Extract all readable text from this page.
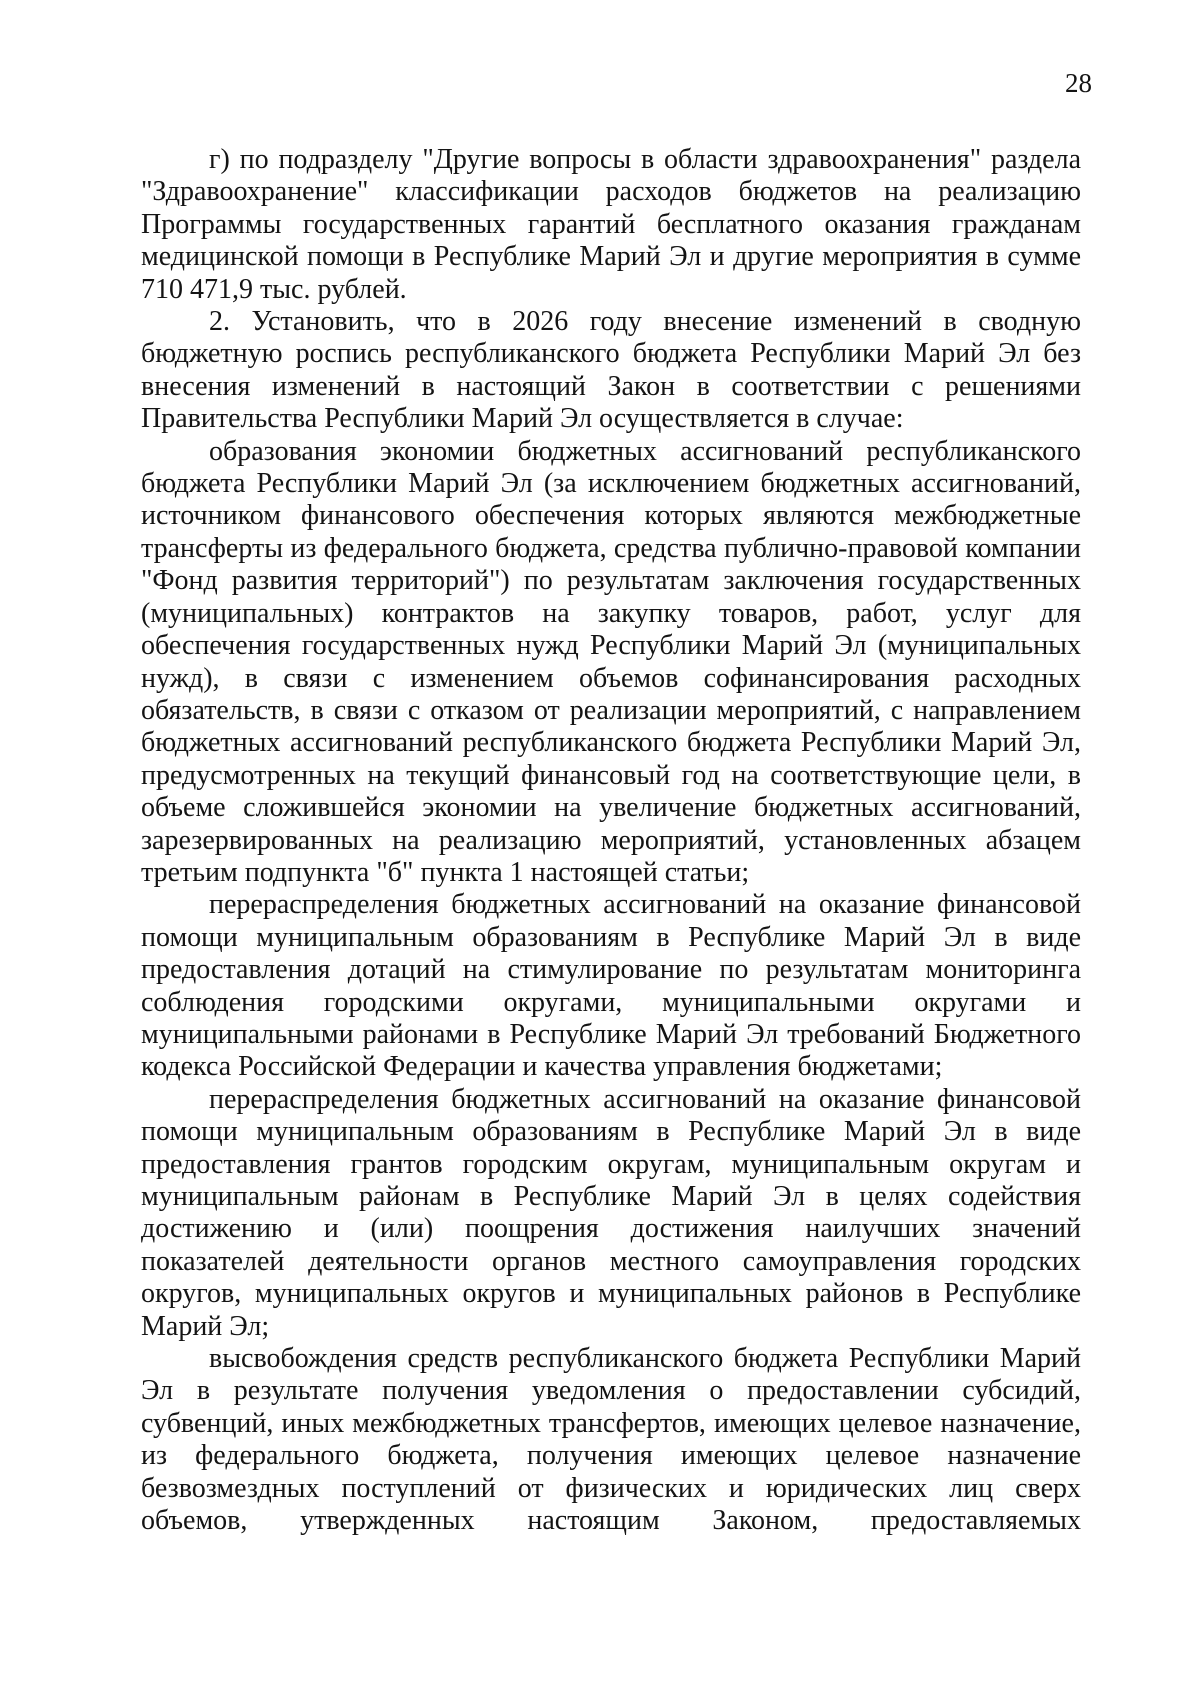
28

г) по подразделу "Другие вопросы в области здравоохранения" раздела "Здравоохранение" классификации расходов бюджетов на реализацию Программы государственных гарантий бесплатного оказания гражданам медицинской помощи в Республике Марий Эл и другие мероприятия в сумме 710 471,9 тыс. рублей.

2. Установить, что в 2026 году внесение изменений в сводную бюджетную роспись республиканского бюджета Республики Марий Эл без внесения изменений в настоящий Закон в соответствии с решениями Правительства Республики Марий Эл осуществляется в случае:

образования экономии бюджетных ассигнований республиканского бюджета Республики Марий Эл (за исключением бюджетных ассигнований, источником финансового обеспечения которых являются межбюджетные трансферты из федерального бюджета, средства публично-правовой компании "Фонд развития территорий") по результатам заключения государственных (муниципальных) контрактов на закупку товаров, работ, услуг для обеспечения государственных нужд Республики Марий Эл (муниципальных нужд), в связи с изменением объемов софинансирования расходных обязательств, в связи с отказом от реализации мероприятий, с направлением бюджетных ассигнований республиканского бюджета Республики Марий Эл, предусмотренных на текущий финансовый год на соответствующие цели, в объеме сложившейся экономии на увеличение бюджетных ассигнований, зарезервированных на реализацию мероприятий, установленных абзацем третьим подпункта "б" пункта 1 настоящей статьи;

перераспределения бюджетных ассигнований на оказание финансовой помощи муниципальным образованиям в Республике Марий Эл в виде предоставления дотаций на стимулирование по результатам мониторинга соблюдения городскими округами, муниципальными округами и муниципальными районами в Республике Марий Эл требований Бюджетного кодекса Российской Федерации и качества управления бюджетами;

перераспределения бюджетных ассигнований на оказание финансовой помощи муниципальным образованиям в Республике Марий Эл в виде предоставления грантов городским округам, муниципальным округам и муниципальным районам в Республике Марий Эл в целях содействия достижению и (или) поощрения достижения наилучших значений показателей деятельности органов местного самоуправления городских округов, муниципальных округов и муниципальных районов в Республике Марий Эл;

высвобождения средств республиканского бюджета Республики Марий Эл в результате получения уведомления о предоставлении субсидий, субвенций, иных межбюджетных трансфертов, имеющих целевое назначение, из федерального бюджета, получения имеющих целевое назначение безвозмездных поступлений от физических и юридических лиц сверх объемов, утвержденных настоящим Законом, предоставляемых
